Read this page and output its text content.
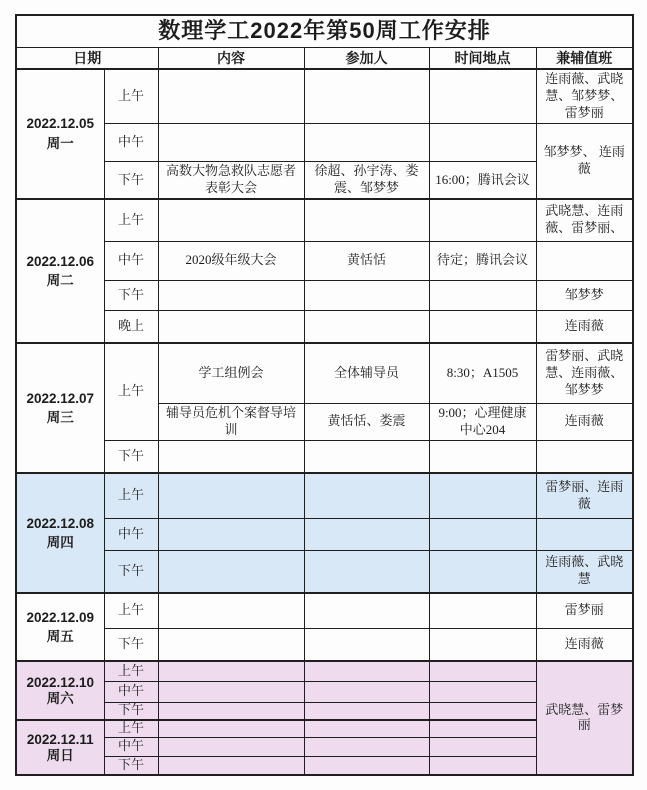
数理学工2022年第50周工作安排					
日期		内容	参加人	时间地点	兼辅值班

2022.12.05
周一	上午				连雨薇、武晓慧、邹梦梦、雷梦丽
	中午				邹梦梦、 连雨薇
	下午	高数大物急救队志愿者表彰大会	徐超、孙宇涛、娄震、邹梦梦	16:00；腾讯会议	

2022.12.06
周二	上午				武晓慧、连雨薇、雷梦丽、
	中午	2020级年级大会	黄恬恬	待定；腾讯会议	
	下午				邹梦梦
	晚上				连雨薇

2022.12.07
周三	上午	学工组例会	全体辅导员	8:30；A1505	雷梦丽、武晓慧、连雨薇、邹梦梦
		辅导员危机个案督导培训	黄恬恬、娄震	9:00；心理健康中心204	连雨薇
	下午				

2022.12.08
周四	上午				雷梦丽、连雨薇
	中午				
	下午				连雨薇、武晓慧

2022.12.09
周五	上午				雷梦丽
	下午				连雨薇

2022.12.10
周六	上午				武晓慧、雷梦丽
	中午				
	下午				

2022.12.11
周日	上午				
	中午				
	下午				
